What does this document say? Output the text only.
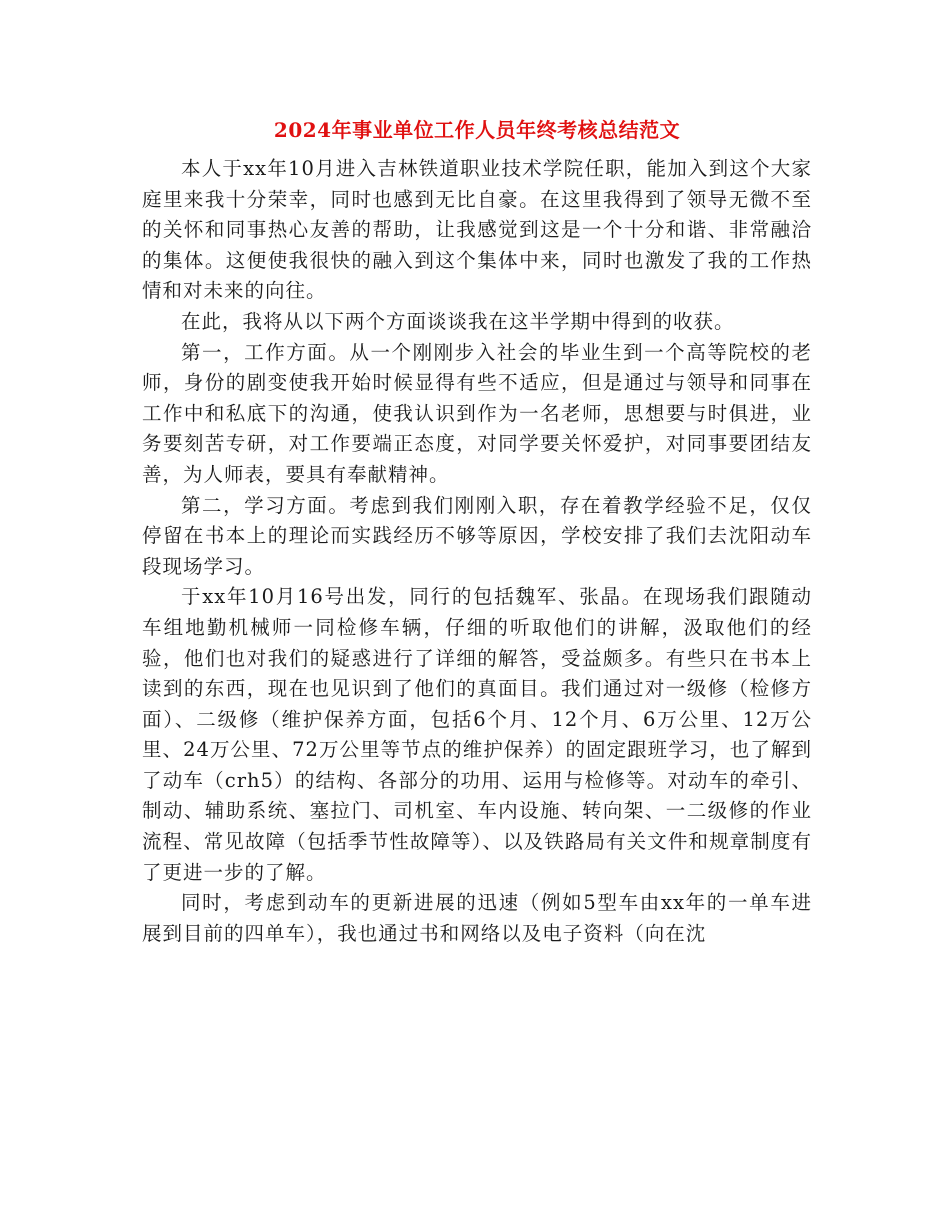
2024年事业单位工作人员年终考核总结范文

本人于xx年10月进入吉林铁道职业技术学院任职，能加入到这个大家庭里来我十分荣幸，同时也感到无比自豪。在这里我得到了领导无微不至的关怀和同事热心友善的帮助，让我感觉到这是一个十分和谐、非常融洽的集体。这便使我很快的融入到这个集体中来，同时也激发了我的工作热情和对未来的向往。

在此，我将从以下两个方面谈谈我在这半学期中得到的收获。

第一，工作方面。从一个刚刚步入社会的毕业生到一个高等院校的老师，身份的剧变使我开始时候显得有些不适应，但是通过与领导和同事在工作中和私底下的沟通，使我认识到作为一名老师，思想要与时俱进，业务要刻苦专研，对工作要端正态度，对同学要关怀爱护，对同事要团结友善，为人师表，要具有奉献精神。

第二，学习方面。考虑到我们刚刚入职，存在着教学经验不足，仅仅停留在书本上的理论而实践经历不够等原因，学校安排了我们去沈阳动车段现场学习。

于xx年10月16号出发，同行的包括魏军、张晶。在现场我们跟随动车组地勤机械师一同检修车辆，仔细的听取他们的讲解，汲取他们的经验，他们也对我们的疑惑进行了详细的解答，受益颇多。有些只在书本上读到的东西，现在也见识到了他们的真面目。我们通过对一级修（检修方面）、二级修（维护保养方面，包括6个月、12个月、6万公里、12万公里、24万公里、72万公里等节点的维护保养）的固定跟班学习，也了解到了动车（crh5）的结构、各部分的功用、运用与检修等。对动车的牵引、制动、辅助系统、塞拉门、司机室、车内设施、转向架、一二级修的作业流程、常见故障（包括季节性故障等）、以及铁路局有关文件和规章制度有了更进一步的了解。

同时，考虑到动车的更新进展的迅速（例如5型车由xx年的一单车进展到目前的四单车），我也通过书和网络以及电子资料（向在沈
